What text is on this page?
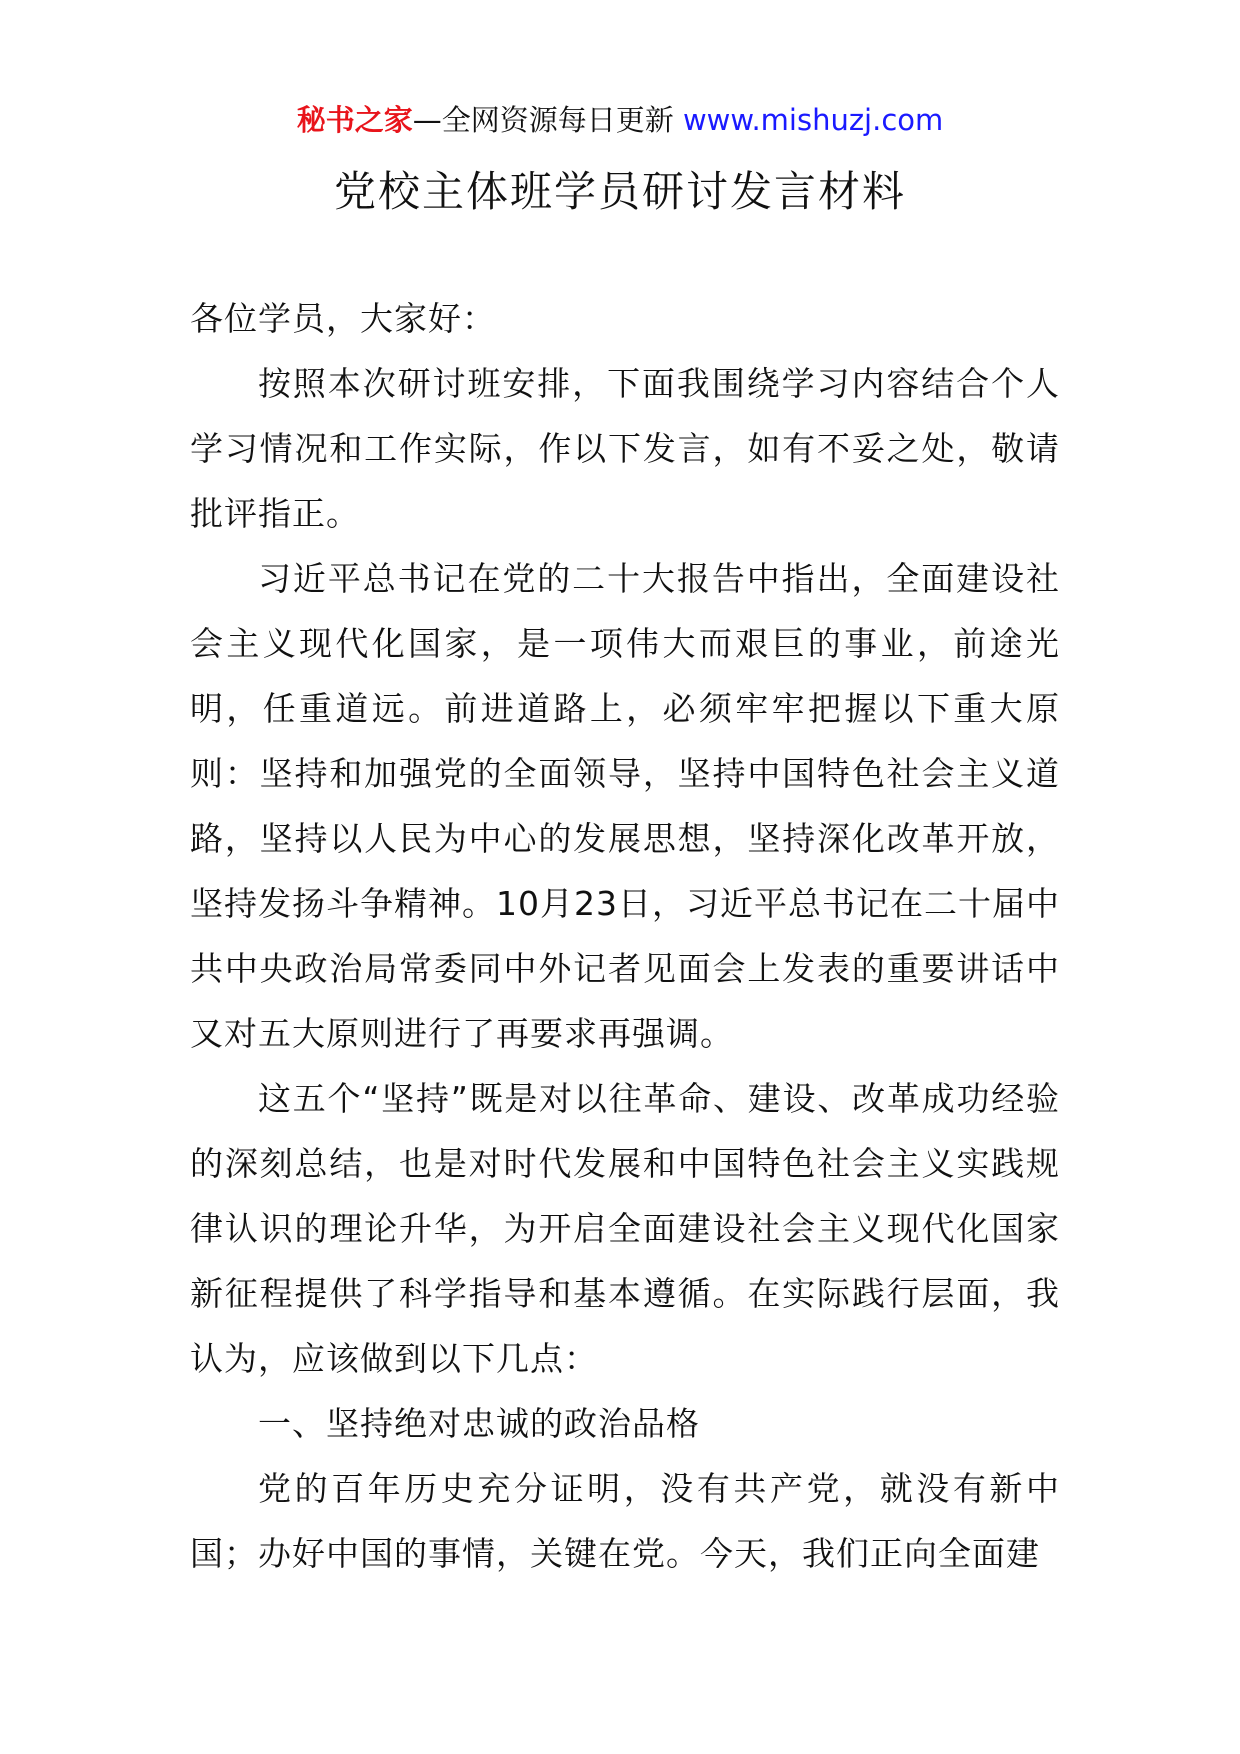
秘书之家—全网资源每日更新 www.mishuzj.com
党校主体班学员研讨发言材料

各位学员，大家好：

按照本次研讨班安排，下面我围绕学习内容结合个人学习情况和工作实际，作以下发言，如有不妥之处，敬请批评指正。

习近平总书记在党的二十大报告中指出，全面建设社会主义现代化国家，是一项伟大而艰巨的事业，前途光明，任重道远。前进道路上，必须牢牢把握以下重大原则：坚持和加强党的全面领导，坚持中国特色社会主义道路，坚持以人民为中心的发展思想，坚持深化改革开放，坚持发扬斗争精神。10月23日，习近平总书记在二十届中共中央政治局常委同中外记者见面会上发表的重要讲话中又对五大原则进行了再要求再强调。

这五个“坚持”既是对以往革命、建设、改革成功经验的深刻总结，也是对时代发展和中国特色社会主义实践规律认识的理论升华，为开启全面建设社会主义现代化国家新征程提供了科学指导和基本遵循。在实际践行层面，我认为，应该做到以下几点：

一、坚持绝对忠诚的政治品格

党的百年历史充分证明，没有共产党，就没有新中国；办好中国的事情，关键在党。今天，我们正向全面建
